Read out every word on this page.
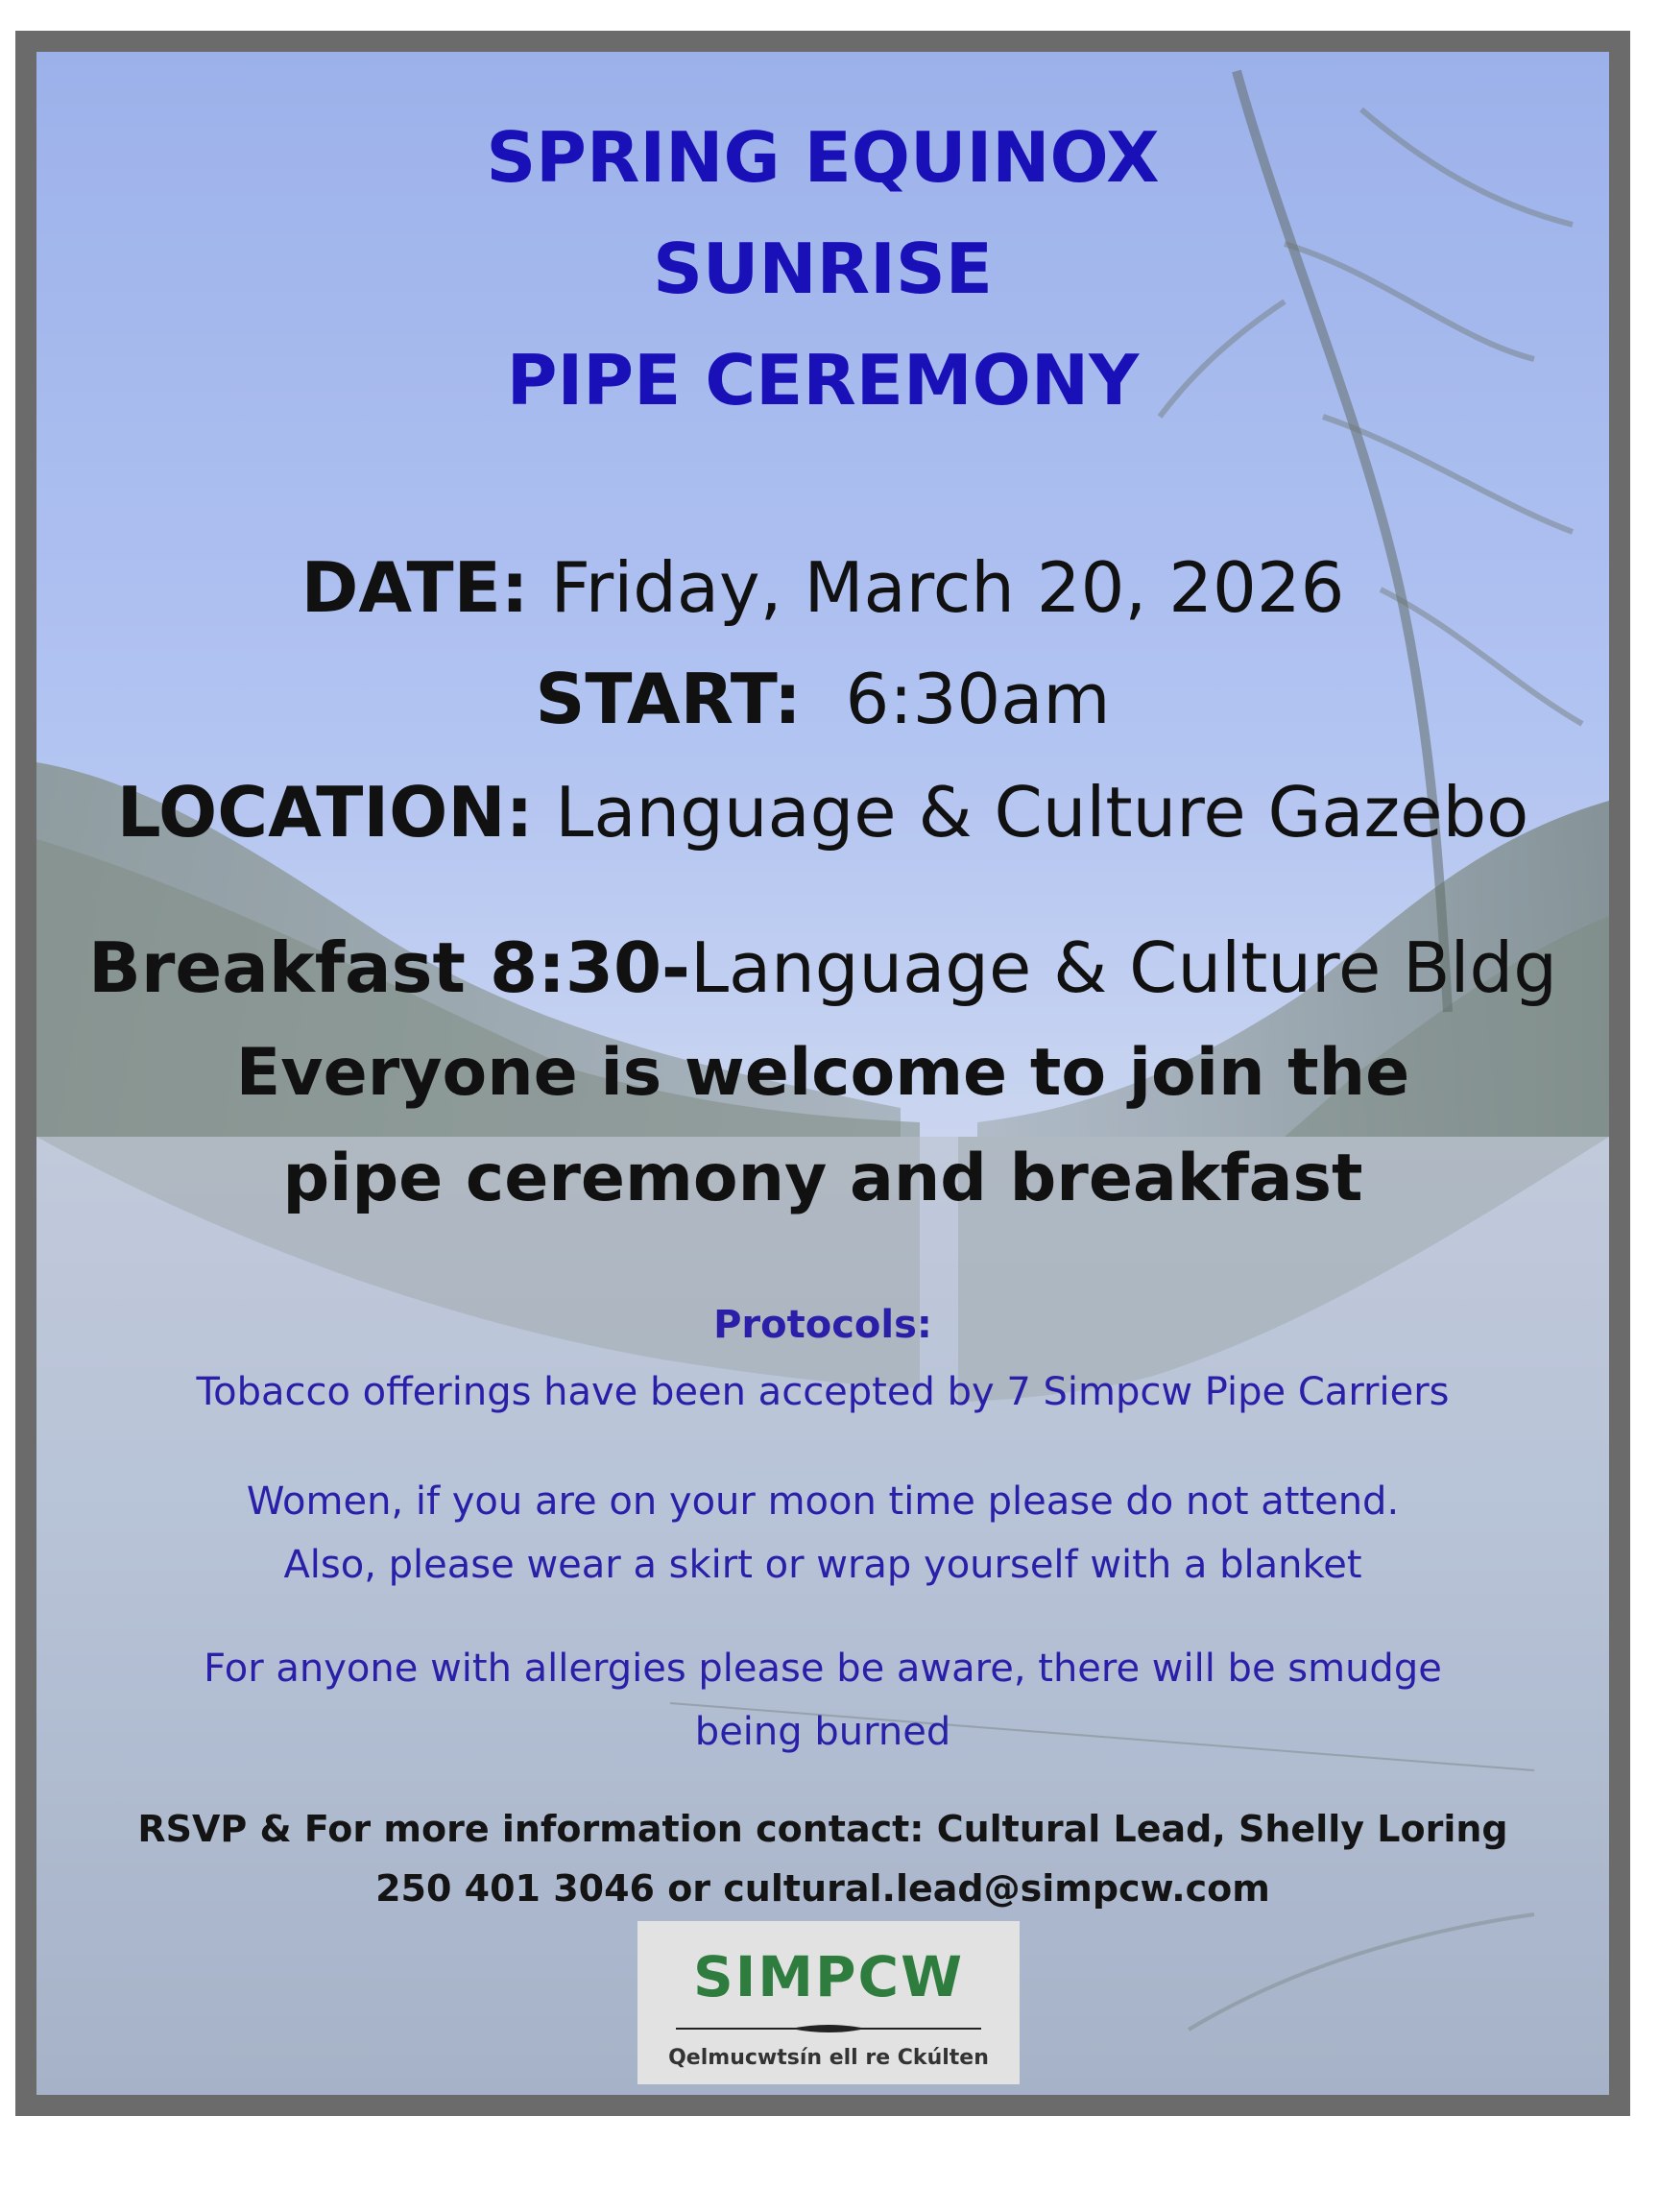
SPRING EQUINOX
SUNRISE
PIPE CEREMONY
DATE: Friday, March 20, 2026
START:  6:30am
LOCATION: Language & Culture Gazebo
Breakfast 8:30-Language & Culture Bldg
Everyone is welcome to join the
pipe ceremony and breakfast
Protocols:
Tobacco offerings have been accepted by 7 Simpcw Pipe Carriers
Women, if you are on your moon time please do not attend.
Also, please wear a skirt or wrap yourself with a blanket
For anyone with allergies please be aware, there will be smudge
being burned
RSVP & For more information contact: Cultural Lead, Shelly Loring
250 401 3046 or cultural.lead@simpcw.com
SIMPCW
Qelmucwtsín ell re Ckúlten
